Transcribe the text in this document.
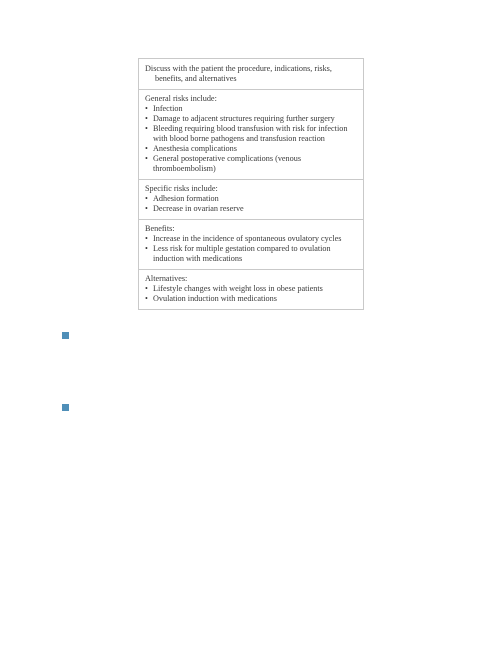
Discuss with the patient the procedure, indications, risks, benefits, and alternatives

General risks include:

• Infection
• Damage to adjacent structures requiring further surgery
• Bleeding requiring blood transfusion with risk for infection with blood borne pathogens and transfusion reaction
• Anesthesia complications
• General postoperative complications (venous thromboembolism)

Specific risks include:

• Adhesion formation
• Decrease in ovarian reserve

Benefits:

• Increase in the incidence of spontaneous ovulatory cycles
• Less risk for multiple gestation compared to ovulation induction with medications

Alternatives:

• Lifestyle changes with weight loss in obese patients
• Ovulation induction with medications
